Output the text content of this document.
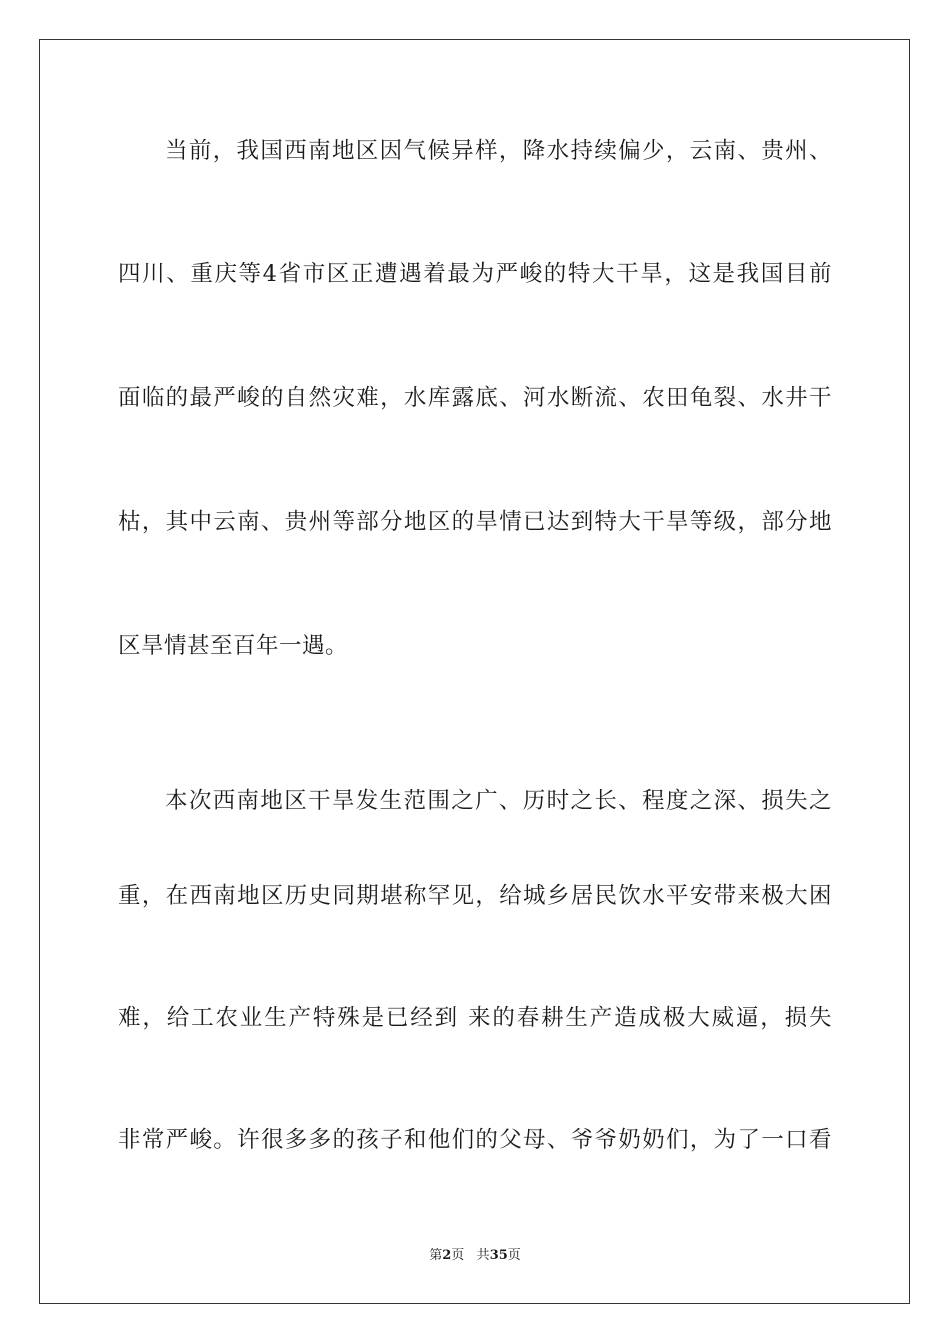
当前，我国西南地区因气候异样，降水持续偏少，云南、贵州、
四川、重庆等4省市区正遭遇着最为严峻的特大干旱，这是我国目前
面临的最严峻的自然灾难，水库露底、河水断流、农田龟裂、水井干
枯，其中云南、贵州等部分地区的旱情已达到特大干旱等级，部分地
区旱情甚至百年一遇。
本次西南地区干旱发生范围之广、历时之长、程度之深、损失之
重，在西南地区历史同期堪称罕见，给城乡居民饮水平安带来极大困
难，给工农业生产特殊是已经到 来的春耕生产造成极大威逼，损失
非常严峻。许很多多的孩子和他们的父母、爷爷奶奶们，为了一口看
第2页 共35页
